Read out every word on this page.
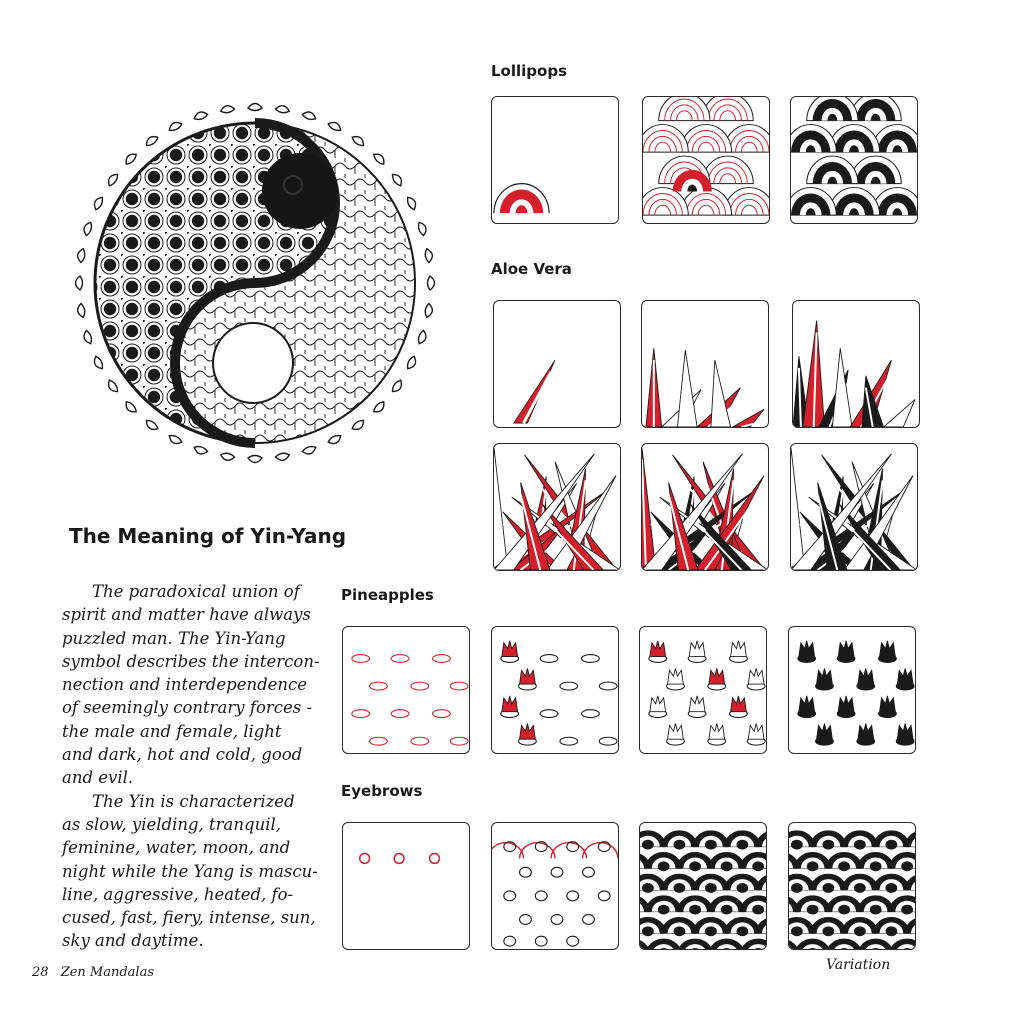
Lollipops
Aloe Vera
Pineapples
Eyebrows
Variation
The Meaning of Yin-Yang
The paradoxical union of
spirit and matter have always
puzzled man. The Yin-Yang
symbol describes the intercon-
nection and interdependence
of seemingly contrary forces -
the male and female, light
and dark, hot and cold, good
and evil.
The Yin is characterized
as slow, yielding, tranquil,
feminine, water, moon, and
night while the Yang is mascu-
line, aggressive, heated, fo-
cused, fast, fiery, intense, sun,
sky and daytime.
28 Zen Mandalas
